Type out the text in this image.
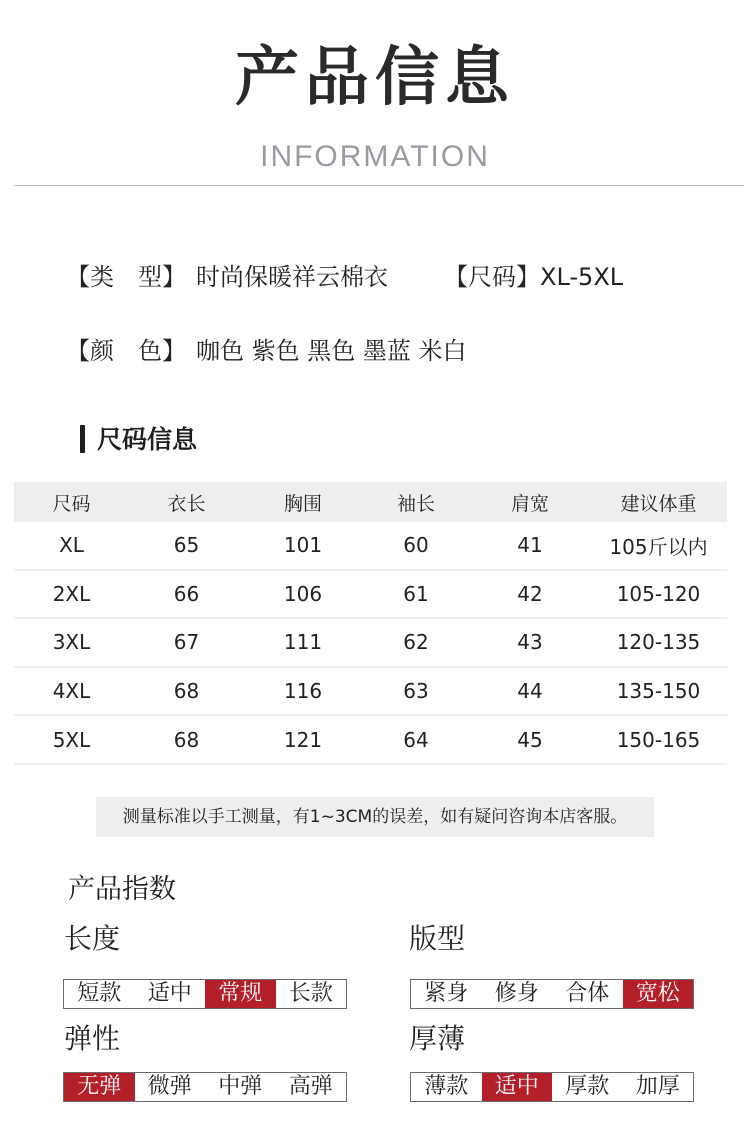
产品信息
INFORMATION
【类　型】 时尚保暖祥云棉衣 【尺码】XL-5XL
【颜　色】 咖色 紫色 黑色 墨蓝 米白
尺码信息
尺码	衣长	胸围	袖长	肩宽	建议体重
XL	65	101	60	41	105斤以内
2XL	66	106	61	42	105-120
3XL	67	111	62	43	120-135
4XL	68	116	63	44	135-150
5XL	68	121	64	45	150-165
测量标准以手工测量，有1~3CM的误差，如有疑问咨询本店客服。
产品指数
长度
短款	适中	常规	长款
版型
紧身	修身	合体	宽松
弹性
无弹	微弹	中弹	高弹
厚薄
薄款	适中	厚款	加厚
